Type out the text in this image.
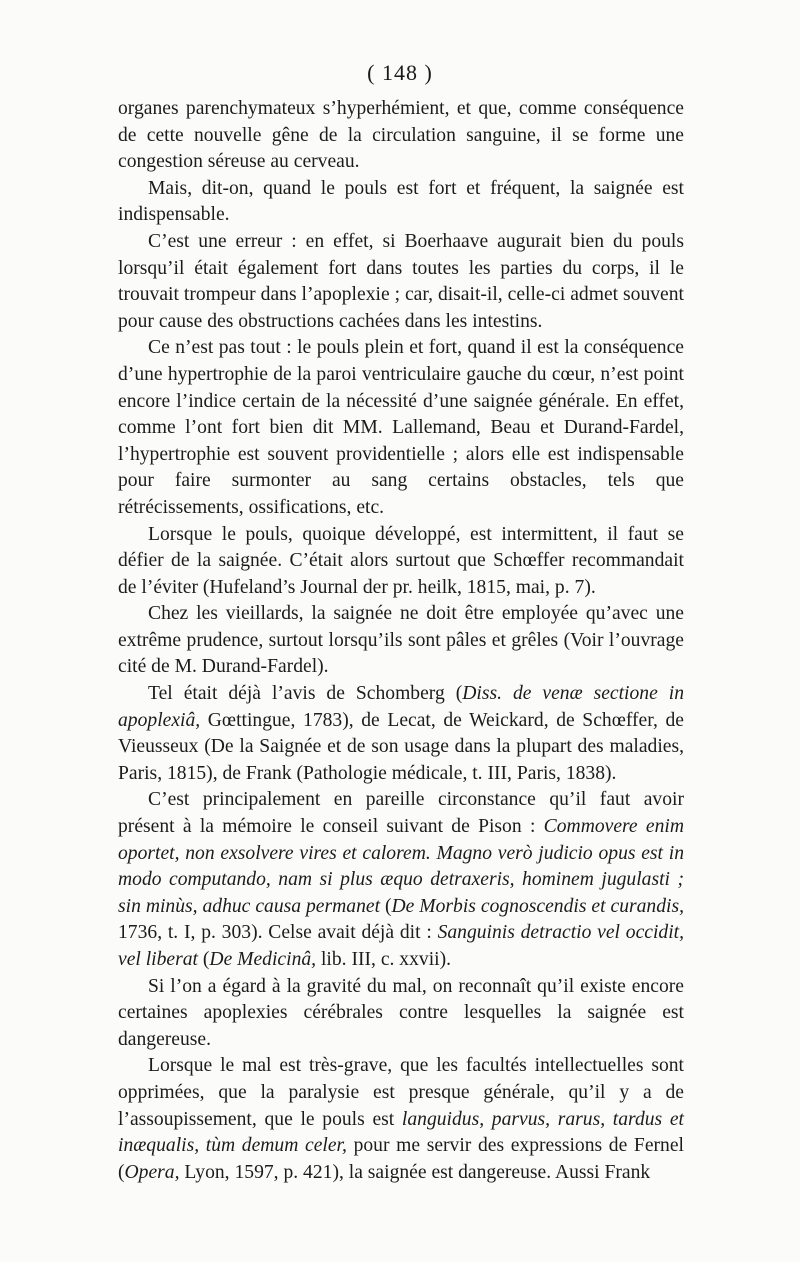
( 148 )

organes parenchymateux s’hyperhémient, et que, comme conséquence de cette nouvelle gêne de la circulation sanguine, il se forme une congestion séreuse au cerveau.

Mais, dit-on, quand le pouls est fort et fréquent, la saignée est indispensable.

C’est une erreur : en effet, si Boerhaave augurait bien du pouls lorsqu’il était également fort dans toutes les parties du corps, il le trouvait trompeur dans l’apoplexie ; car, disait-il, celle-ci admet souvent pour cause des obstructions cachées dans les intestins.

Ce n’est pas tout : le pouls plein et fort, quand il est la conséquence d’une hypertrophie de la paroi ventriculaire gauche du cœur, n’est point encore l’indice certain de la nécessité d’une saignée générale. En effet, comme l’ont fort bien dit MM. Lallemand, Beau et Durand-Fardel, l’hypertrophie est souvent providentielle ; alors elle est indispensable pour faire surmonter au sang certains obstacles, tels que rétrécissements, ossifications, etc.

Lorsque le pouls, quoique développé, est intermittent, il faut se défier de la saignée. C’était alors surtout que Schœffer recommandait de l’éviter (Hufeland’s Journal der pr. heilk, 1815, mai, p. 7).

Chez les vieillards, la saignée ne doit être employée qu’avec une extrême prudence, surtout lorsqu’ils sont pâles et grêles (Voir l’ouvrage cité de M. Durand-Fardel).

Tel était déjà l’avis de Schomberg (Diss. de venæ sectione in apoplexiâ, Gœttingue, 1783), de Lecat, de Weickard, de Schœffer, de Vieusseux (De la Saignée et de son usage dans la plupart des maladies, Paris, 1815), de Frank (Pathologie médicale, t. III, Paris, 1838).

C’est principalement en pareille circonstance qu’il faut avoir présent à la mémoire le conseil suivant de Pison : Commovere enim oportet, non exsolvere vires et calorem. Magno verò judicio opus est in modo computando, nam si plus æquo detraxeris, hominem jugulasti ; sin minùs, adhuc causa permanet (De Morbis cognoscendis et curandis, 1736, t. I, p. 303). Celse avait déjà dit : Sanguinis detractio vel occidit, vel liberat (De Medicinâ, lib. III, c. xxvii).

Si l’on a égard à la gravité du mal, on reconnaît qu’il existe encore certaines apoplexies cérébrales contre lesquelles la saignée est dangereuse.

Lorsque le mal est très-grave, que les facultés intellectuelles sont opprimées, que la paralysie est presque générale, qu’il y a de l’assoupissement, que le pouls est languidus, parvus, rarus, tardus et inæqualis, tùm demum celer, pour me servir des expressions de Fernel (Opera, Lyon, 1597, p. 421), la saignée est dangereuse. Aussi Frank
